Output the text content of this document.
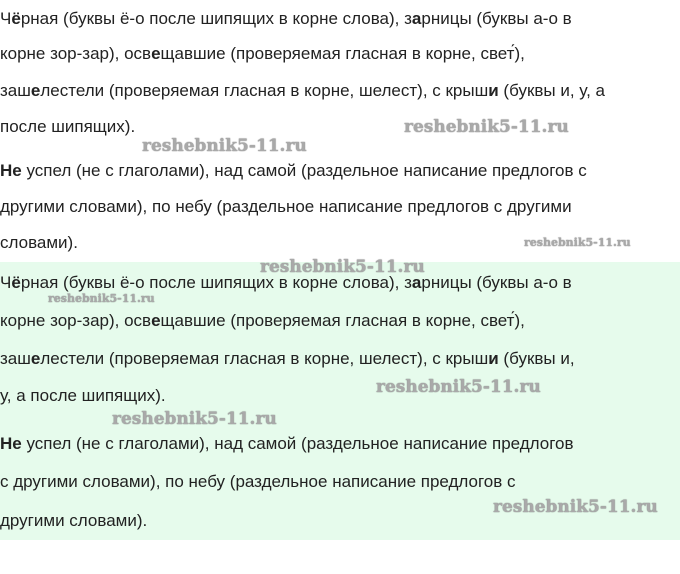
Чёрная (буквы ё-о после шипящих в корне слова), зарницы (буквы а-о в
корне зор-зар), освещавшие (проверяемая гласная в корне, свет́),
зашелестели (проверяемая гласная в корне, шелест), с крыши (буквы и, у, а
после шипящих).
Не успел (не с глаголами), над самой (раздельное написание предлогов с
другими словами), по небу (раздельное написание предлогов с другими
словами).
Чёрная (буквы ё-о после шипящих в корне слова), зарницы (буквы а-о в
корне зор-зар), освещавшие (проверяемая гласная в корне, свет́),
зашелестели (проверяемая гласная в корне, шелест), с крыши (буквы и,
у, а после шипящих).
Не успел (не с глаголами), над самой (раздельное написание предлогов
с другими словами), по небу (раздельное написание предлогов с
другими словами).
reshebnik5-11.ru
reshebnik5-11.ru
reshebnik5-11.ru
reshebnik5-11.ru
reshebnik5-11.ru
reshebnik5-11.ru
reshebnik5-11.ru
reshebnik5-11.ru
